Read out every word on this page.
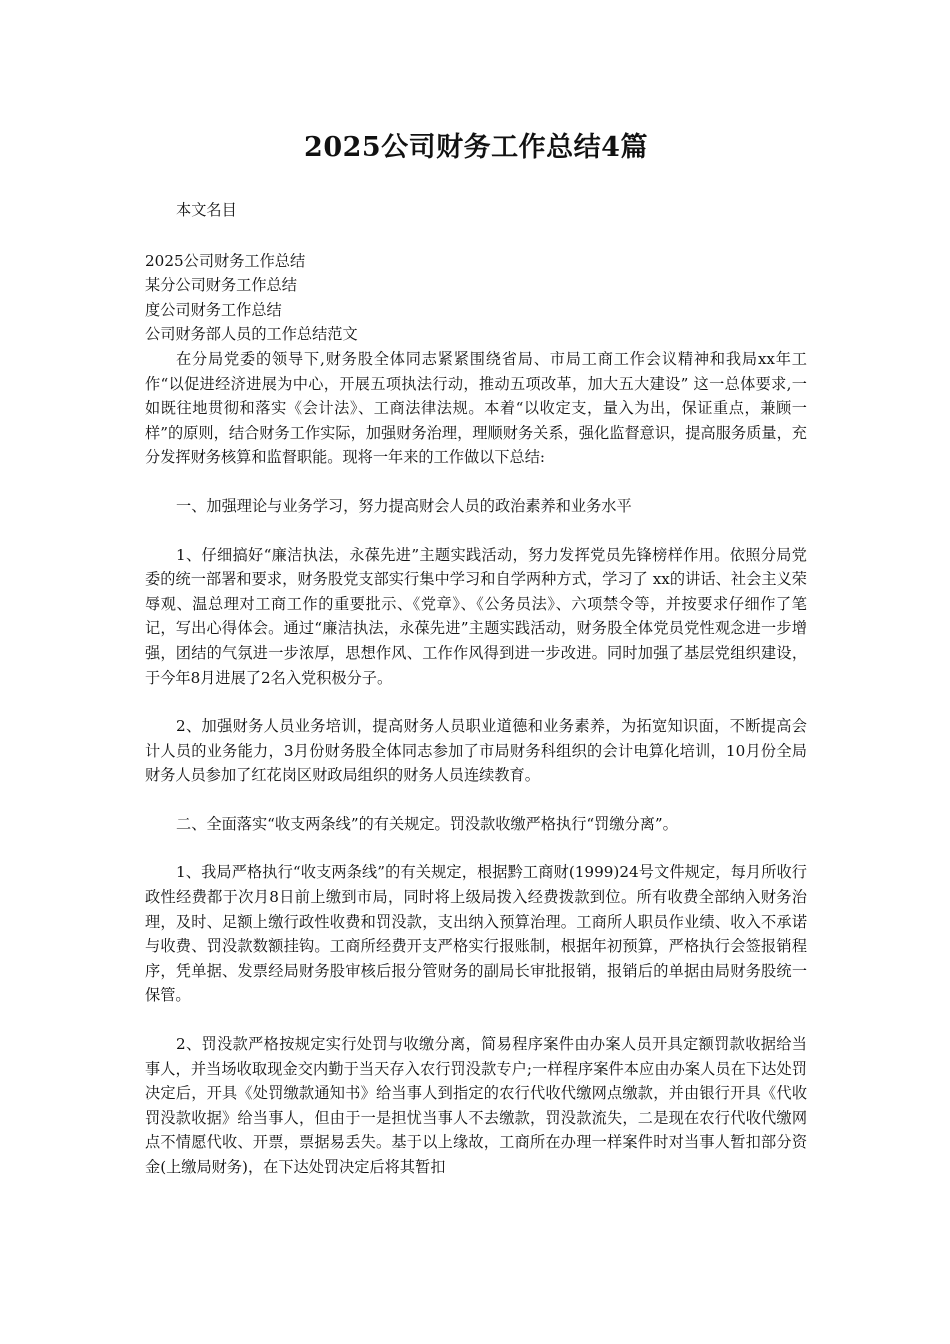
2025公司财务工作总结4篇

本文名目

2025公司财务工作总结

某分公司财务工作总结

度公司财务工作总结

公司财务部人员的工作总结范文

在分局党委的领导下,财务股全体同志紧紧围绕省局、市局工商工作会议精神和我局xx年工作“以促进经济进展为中心，开展五项执法行动，推动五项改革，加大五大建设” 这一总体要求,一如既往地贯彻和落实《会计法》、工商法律法规。本着“以收定支，量入为出，保证重点，兼顾一样”的原则，结合财务工作实际，加强财务治理，理顺财务关系，强化监督意识，提高服务质量，充分发挥财务核算和监督职能。现将一年来的工作做以下总结:

一、加强理论与业务学习，努力提高财会人员的政治素养和业务水平

1、仔细搞好“廉洁执法，永葆先进”主题实践活动，努力发挥党员先锋榜样作用。依照分局党委的统一部署和要求，财务股党支部实行集中学习和自学两种方式，学习了 xx的讲话、社会主义荣辱观、温总理对工商工作的重要批示、《党章》、《公务员法》、六项禁令等，并按要求仔细作了笔记，写出心得体会。通过“廉洁执法，永葆先进”主题实践活动，财务股全体党员党性观念进一步增强，团结的气氛进一步浓厚，思想作风、工作作风得到进一步改进。同时加强了基层党组织建设，于今年8月进展了2名入党积极分子。

2、加强财务人员业务培训，提高财务人员职业道德和业务素养，为拓宽知识面，不断提高会计人员的业务能力，3月份财务股全体同志参加了市局财务科组织的会计电算化培训，10月份全局财务人员参加了红花岗区财政局组织的财务人员连续教育。

二、全面落实“收支两条线”的有关规定。罚没款收缴严格执行“罚缴分离”。

1、我局严格执行“收支两条线”的有关规定，根据黔工商财(1999)24号文件规定，每月所收行政性经费都于次月8日前上缴到市局，同时将上级局拨入经费拨款到位。所有收费全部纳入财务治理，及时、足额上缴行政性收费和罚没款，支出纳入预算治理。工商所人职员作业绩、收入不承诺与收费、罚没款数额挂钩。工商所经费开支严格实行报账制，根据年初预算，严格执行会签报销程序，凭单据、发票经局财务股审核后报分管财务的副局长审批报销，报销后的单据由局财务股统一保管。

2、罚没款严格按规定实行处罚与收缴分离，简易程序案件由办案人员开具定额罚款收据给当事人，并当场收取现金交内勤于当天存入农行罚没款专户;一样程序案件本应由办案人员在下达处罚决定后，开具《处罚缴款通知书》给当事人到指定的农行代收代缴网点缴款，并由银行开具《代收罚没款收据》给当事人，但由于一是担忧当事人不去缴款，罚没款流失，二是现在农行代收代缴网点不情愿代收、开票，票据易丢失。基于以上缘故，工商所在办理一样案件时对当事人暂扣部分资金(上缴局财务)，在下达处罚决定后将其暂扣
